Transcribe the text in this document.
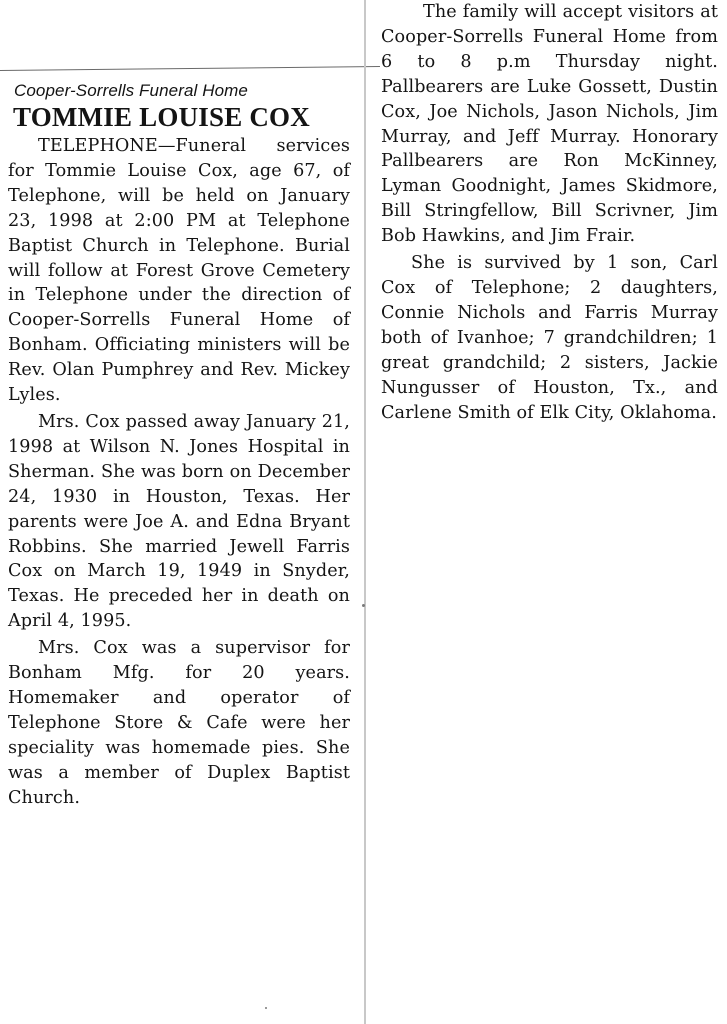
Cooper-Sorrells Funeral Home

TOMMIE LOUISE COX

TELEPHONE—Funeral services for Tommie Louise Cox, age 67, of Telephone, will be held on January 23, 1998 at 2:00 PM at Telephone Baptist Church in Telephone. Burial will follow at Forest Grove Cemetery in Telephone under the direction of Cooper-Sorrells Funeral Home of Bonham. Officiating ministers will be Rev. Olan Pumphrey and Rev. Mickey Lyles.

Mrs. Cox passed away January 21, 1998 at Wilson N. Jones Hospital in Sherman. She was born on December 24, 1930 in Houston, Texas. Her parents were Joe A. and Edna Bryant Robbins. She married Jewell Farris Cox on March 19, 1949 in Snyder, Texas. He preceded her in death on April 4, 1995.

Mrs. Cox was a supervisor for Bonham Mfg. for 20 years. Homemaker and operator of Telephone Store & Cafe were her speciality was homemade pies. She was a member of Duplex Baptist Church.

The family will accept visitors at Cooper-Sorrells Funeral Home from 6 to 8 p.m Thursday night. Pallbearers are Luke Gossett, Dustin Cox, Joe Nichols, Jason Nichols, Jim Murray, and Jeff Murray. Honorary Pallbearers are Ron McKinney, Lyman Goodnight, James Skidmore, Bill Stringfellow, Bill Scrivner, Jim Bob Hawkins, and Jim Frair.

She is survived by 1 son, Carl Cox of Telephone; 2 daughters, Connie Nichols and Farris Murray both of Ivanhoe; 7 grandchildren; 1 great grandchild; 2 sisters, Jackie Nungusser of Houston, Tx., and Carlene Smith of Elk City, Oklahoma.
